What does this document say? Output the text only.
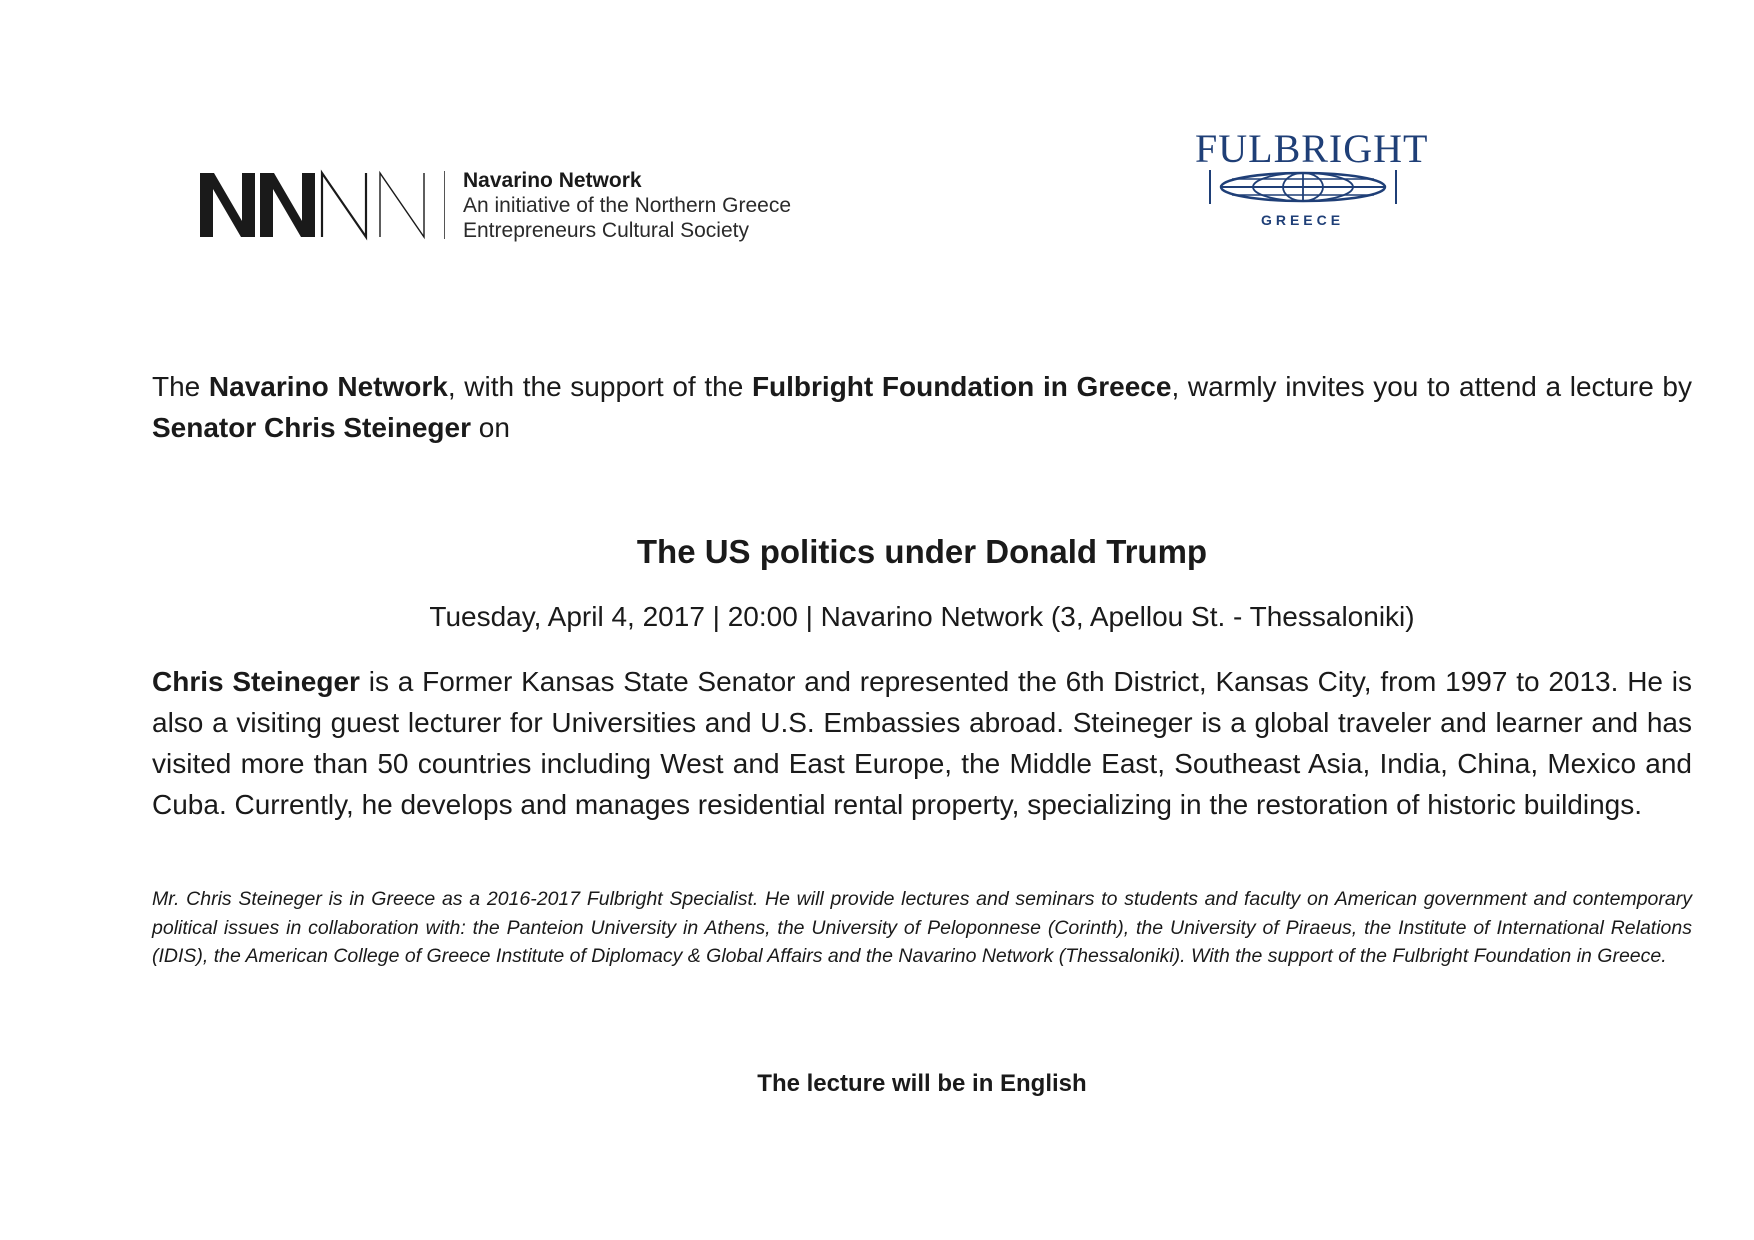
Navarino Network
An initiative of the Northern Greece
Entrepreneurs Cultural Society
FULBRIGHT
GREECE

The Navarino Network, with the support of the Fulbright Foundation in Greece, warmly invites you to attend a lecture by Senator Chris Steineger on

The US politics under Donald Trump
Tuesday, April 4, 2017 | 20:00 | Navarino Network (3, Apellou St. - Thessaloniki)

Chris Steineger is a Former Kansas State Senator and represented the 6th District, Kansas City, from 1997 to 2013. He is also a visiting guest lecturer for Universities and U.S. Embassies abroad. Steineger is a global traveler and learner and has visited more than 50 countries including West and East Europe, the Middle East, Southeast Asia, India, China, Mexico and Cuba. Currently, he develops and manages residential rental property, specializing in the restoration of historic buildings.

Mr. Chris Steineger is in Greece as a 2016-2017 Fulbright Specialist. He will provide lectures and seminars to students and faculty on American government and contemporary political issues in collaboration with: the Panteion University in Athens, the University of Peloponnese (Corinth), the University of Piraeus, the Institute of International Relations (IDIS), the American College of Greece Institute of Diplomacy & Global Affairs and the Navarino Network (Thessaloniki). With the support of the Fulbright Foundation in Greece.

The lecture will be in English
